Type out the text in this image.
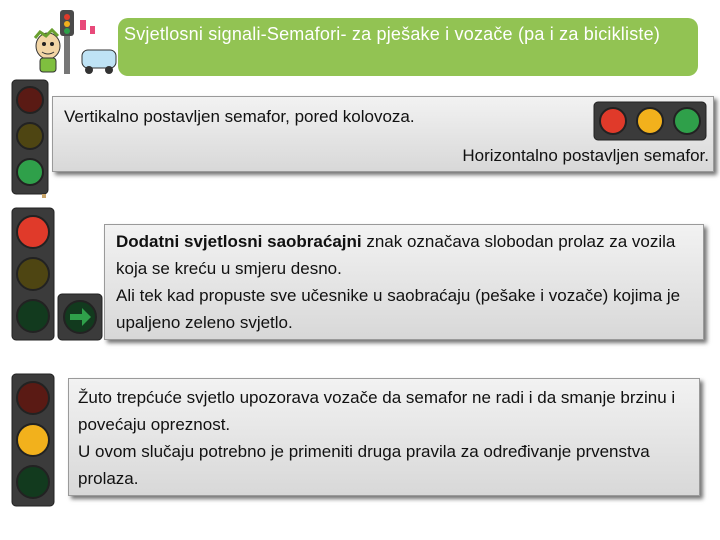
Svjetlosni signali-Semafori- za pješake i vozače (pa i za bicikliste)
Vertikalno postavljen semafor, pored kolovoza.
Horizontalno postavljen semafor.
Dodatni svjetlosni saobraćajni znak označava slobodan prolaz za vozila koja se kreću u smjeru desno.
Ali tek kad propuste sve učesnike u saobraćaju (pešake i vozače) kojima je upaljeno zeleno svjetlo.
Žuto trepćuće svjetlo upozorava vozače da semafor ne radi i da smanje brzinu i povećaju opreznost.
U ovom slučaju potrebno je primeniti druga pravila za određivanje prvenstva prolaza.
